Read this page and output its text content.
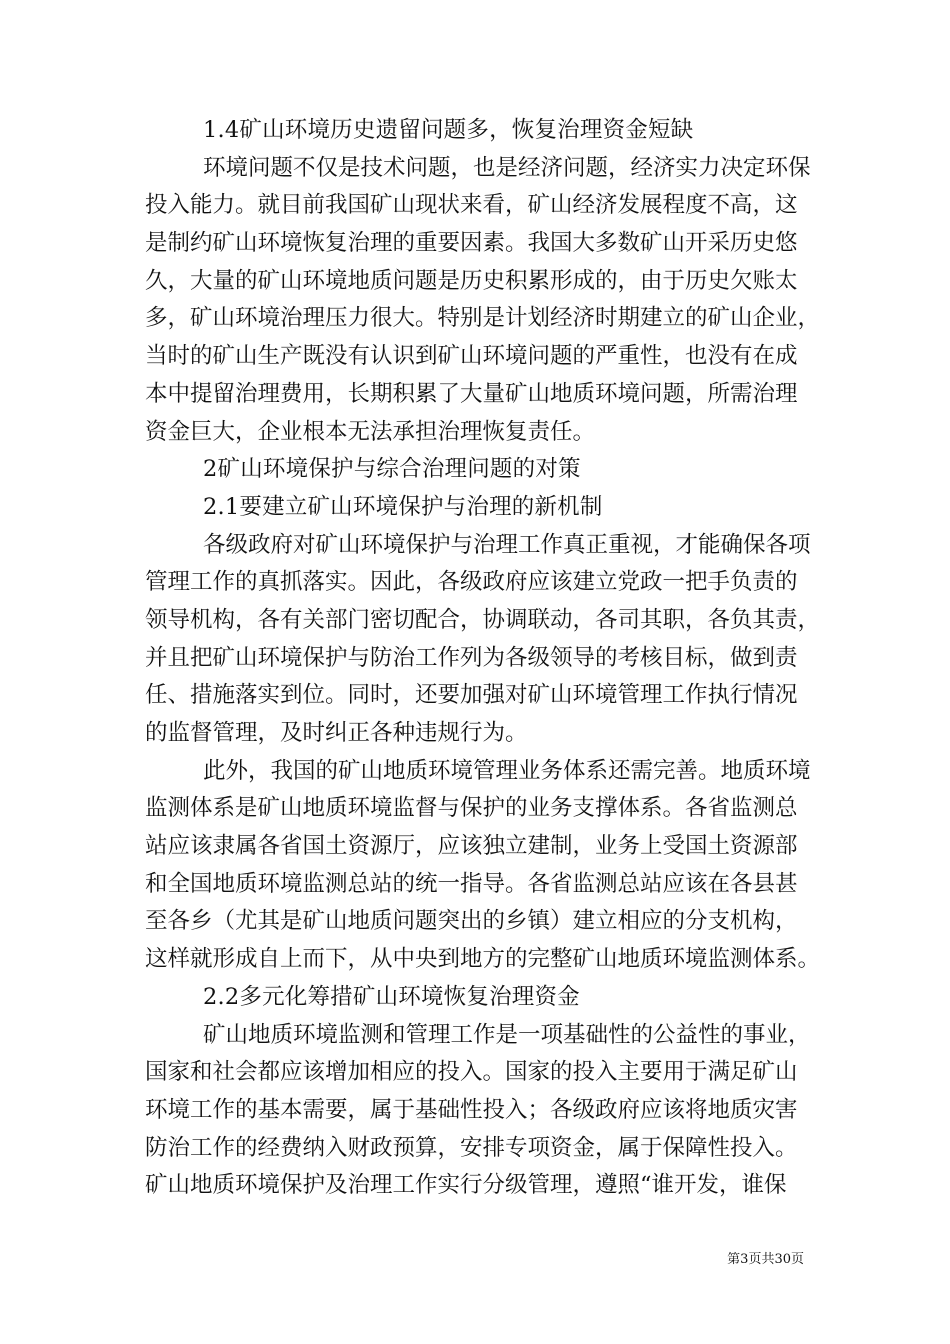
1.4矿山环境历史遗留问题多，恢复治理资金短缺
环境问题不仅是技术问题，也是经济问题，经济实力决定环保
投入能力。就目前我国矿山现状来看，矿山经济发展程度不高，这
是制约矿山环境恢复治理的重要因素。我国大多数矿山开采历史悠
久，大量的矿山环境地质问题是历史积累形成的，由于历史欠账太
多，矿山环境治理压力很大。特别是计划经济时期建立的矿山企业，
当时的矿山生产既没有认识到矿山环境问题的严重性，也没有在成
本中提留治理费用，长期积累了大量矿山地质环境问题，所需治理
资金巨大，企业根本无法承担治理恢复责任。
2矿山环境保护与综合治理问题的对策
2.1要建立矿山环境保护与治理的新机制
各级政府对矿山环境保护与治理工作真正重视，才能确保各项
管理工作的真抓落实。因此，各级政府应该建立党政一把手负责的
领导机构，各有关部门密切配合，协调联动，各司其职，各负其责，
并且把矿山环境保护与防治工作列为各级领导的考核目标，做到责
任、措施落实到位。同时，还要加强对矿山环境管理工作执行情况
的监督管理，及时纠正各种违规行为。
此外，我国的矿山地质环境管理业务体系还需完善。地质环境
监测体系是矿山地质环境监督与保护的业务支撑体系。各省监测总
站应该隶属各省国土资源厅，应该独立建制，业务上受国土资源部
和全国地质环境监测总站的统一指导。各省监测总站应该在各县甚
至各乡（尤其是矿山地质问题突出的乡镇）建立相应的分支机构，
这样就形成自上而下，从中央到地方的完整矿山地质环境监测体系。
2.2多元化筹措矿山环境恢复治理资金
矿山地质环境监测和管理工作是一项基础性的公益性的事业，
国家和社会都应该增加相应的投入。国家的投入主要用于满足矿山
环境工作的基本需要，属于基础性投入；各级政府应该将地质灾害
防治工作的经费纳入财政预算，安排专项资金，属于保障性投入。
矿山地质环境保护及治理工作实行分级管理，遵照“谁开发，谁保
第3页共30页
